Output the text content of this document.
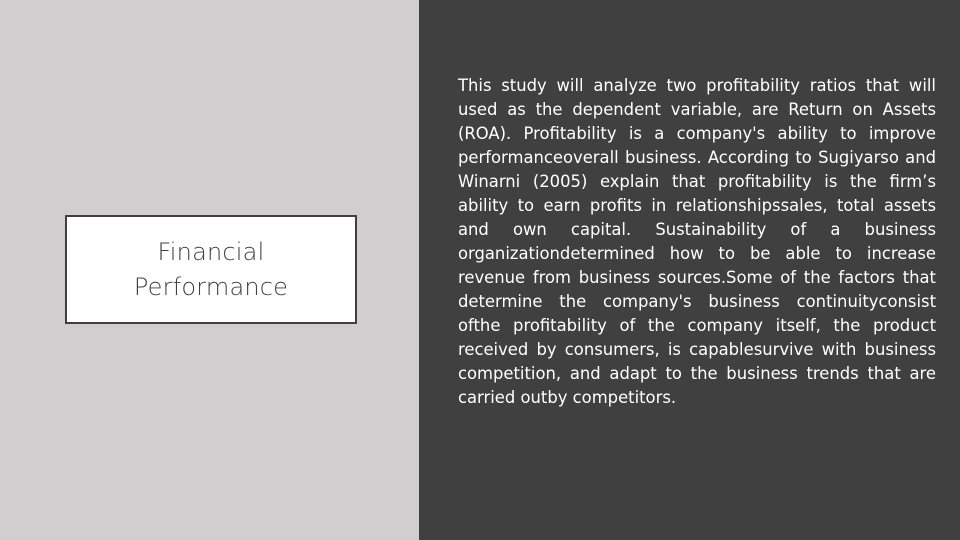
Financial Performance

This study will analyze two profitability ratios that will used as the dependent variable, are Return on Assets (ROA). Profitability is a company's ability to improve performanceoverall business. According to Sugiyarso and Winarni (2005) explain that profitability is the firm’s ability to earn profits in relationshipssales, total assets and own capital. Sustainability of a business organizationdetermined how to be able to increase revenue from business sources.Some of the factors that determine the company's business continuityconsist ofthe profitability of the company itself, the product received by consumers, is capablesurvive with business competition, and adapt to the business trends that are carried outby competitors.
